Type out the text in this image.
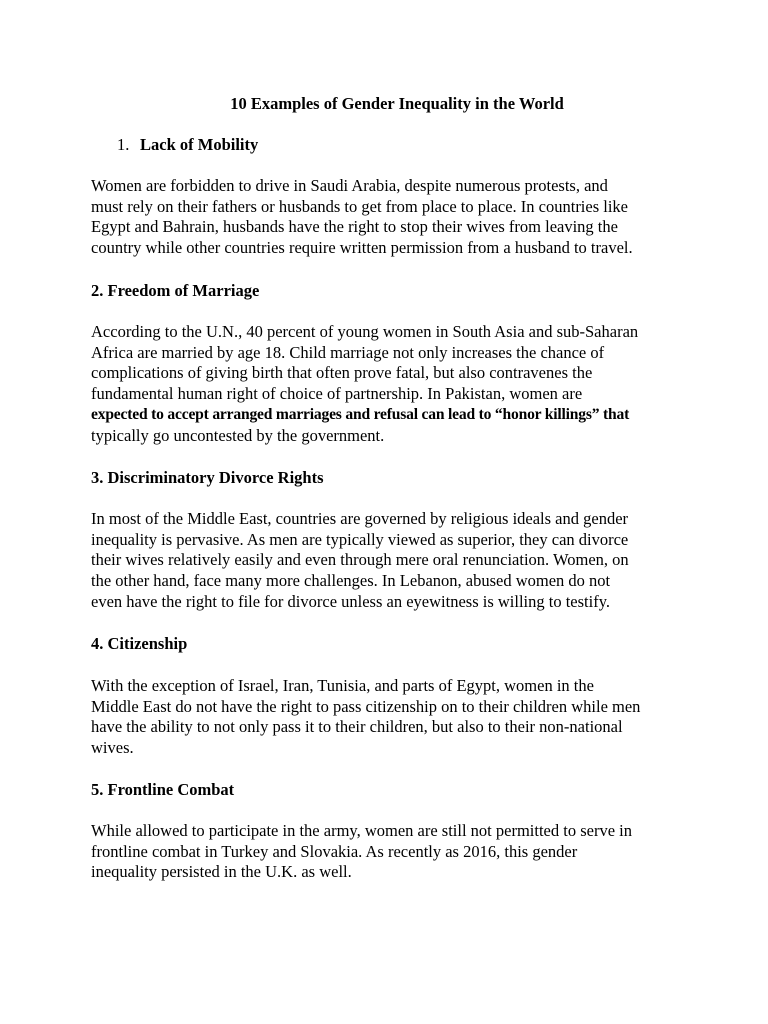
10 Examples of Gender Inequality in the World
1. Lack of Mobility
Women are forbidden to drive in Saudi Arabia, despite numerous protests, and
must rely on their fathers or husbands to get from place to place. In countries like
Egypt and Bahrain, husbands have the right to stop their wives from leaving the
country while other countries require written permission from a husband to travel.
2. Freedom of Marriage
According to the U.N., 40 percent of young women in South Asia and sub-Saharan
Africa are married by age 18. Child marriage not only increases the chance of
complications of giving birth that often prove fatal, but also contravenes the
fundamental human right of choice of partnership. In Pakistan, women are
expected to accept arranged marriages and refusal can lead to “honor killings” that
typically go uncontested by the government.
3. Discriminatory Divorce Rights
In most of the Middle East, countries are governed by religious ideals and gender
inequality is pervasive. As men are typically viewed as superior, they can divorce
their wives relatively easily and even through mere oral renunciation. Women, on
the other hand, face many more challenges. In Lebanon, abused women do not
even have the right to file for divorce unless an eyewitness is willing to testify.
4. Citizenship
With the exception of Israel, Iran, Tunisia, and parts of Egypt, women in the
Middle East do not have the right to pass citizenship on to their children while men
have the ability to not only pass it to their children, but also to their non-national
wives.
5. Frontline Combat
While allowed to participate in the army, women are still not permitted to serve in
frontline combat in Turkey and Slovakia. As recently as 2016, this gender
inequality persisted in the U.K. as well.
